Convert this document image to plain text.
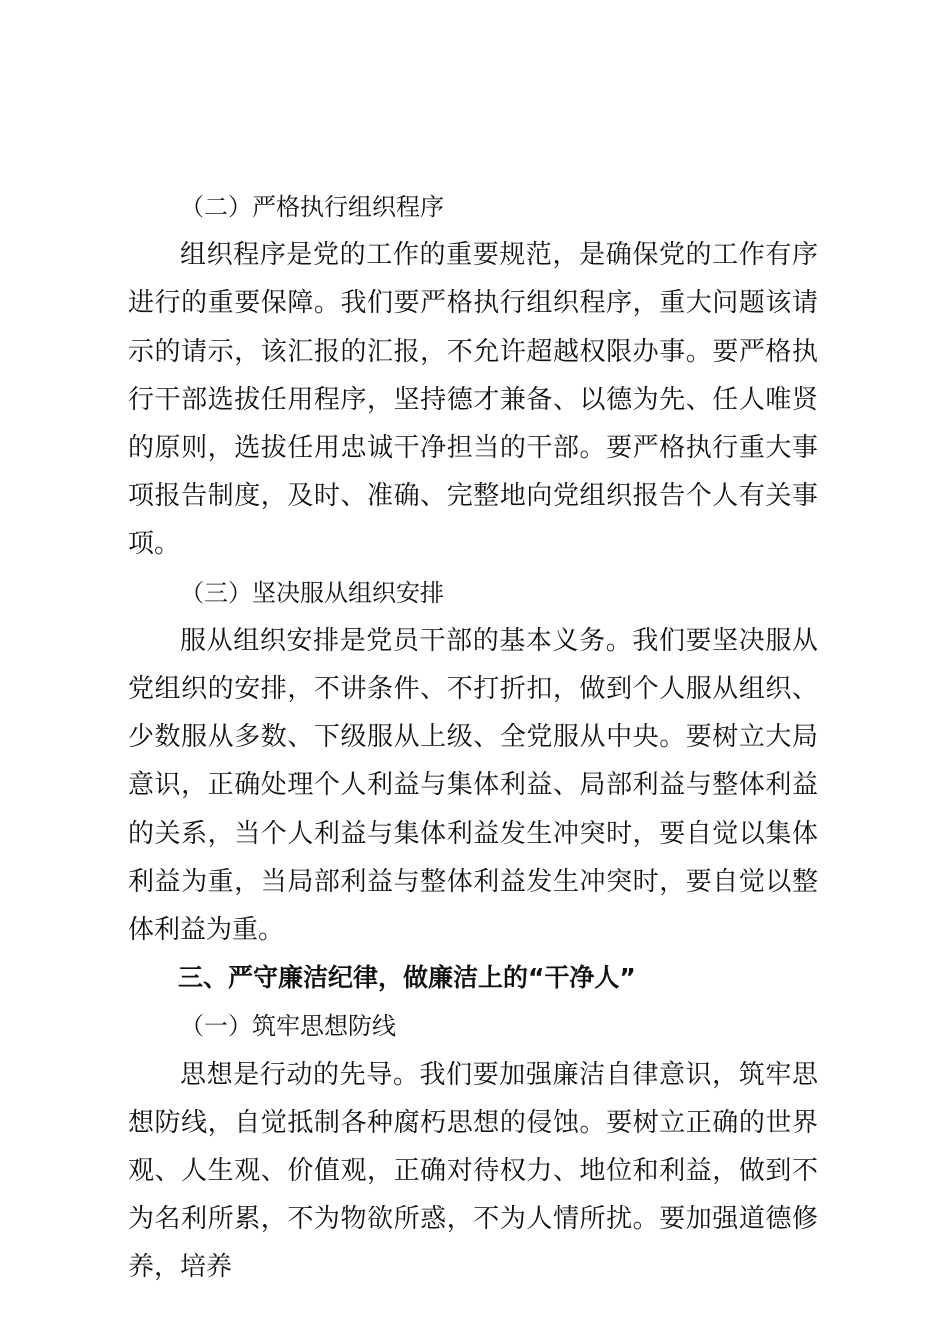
（二）严格执行组织程序

组织程序是党的工作的重要规范，是确保党的工作有序进行的重要保障。我们要严格执行组织程序，重大问题该请示的请示，该汇报的汇报，不允许超越权限办事。要严格执行干部选拔任用程序，坚持德才兼备、以德为先、任人唯贤的原则，选拔任用忠诚干净担当的干部。要严格执行重大事项报告制度，及时、准确、完整地向党组织报告个人有关事项。

（三）坚决服从组织安排

服从组织安排是党员干部的基本义务。我们要坚决服从党组织的安排，不讲条件、不打折扣，做到个人服从组织、少数服从多数、下级服从上级、全党服从中央。要树立大局意识，正确处理个人利益与集体利益、局部利益与整体利益的关系，当个人利益与集体利益发生冲突时，要自觉以集体利益为重，当局部利益与整体利益发生冲突时，要自觉以整体利益为重。

三、严守廉洁纪律，做廉洁上的“干净人”

（一）筑牢思想防线

思想是行动的先导。我们要加强廉洁自律意识，筑牢思想防线，自觉抵制各种腐朽思想的侵蚀。要树立正确的世界观、人生观、价值观，正确对待权力、地位和利益，做到不为名利所累，不为物欲所惑，不为人情所扰。要加强道德修养，培养
